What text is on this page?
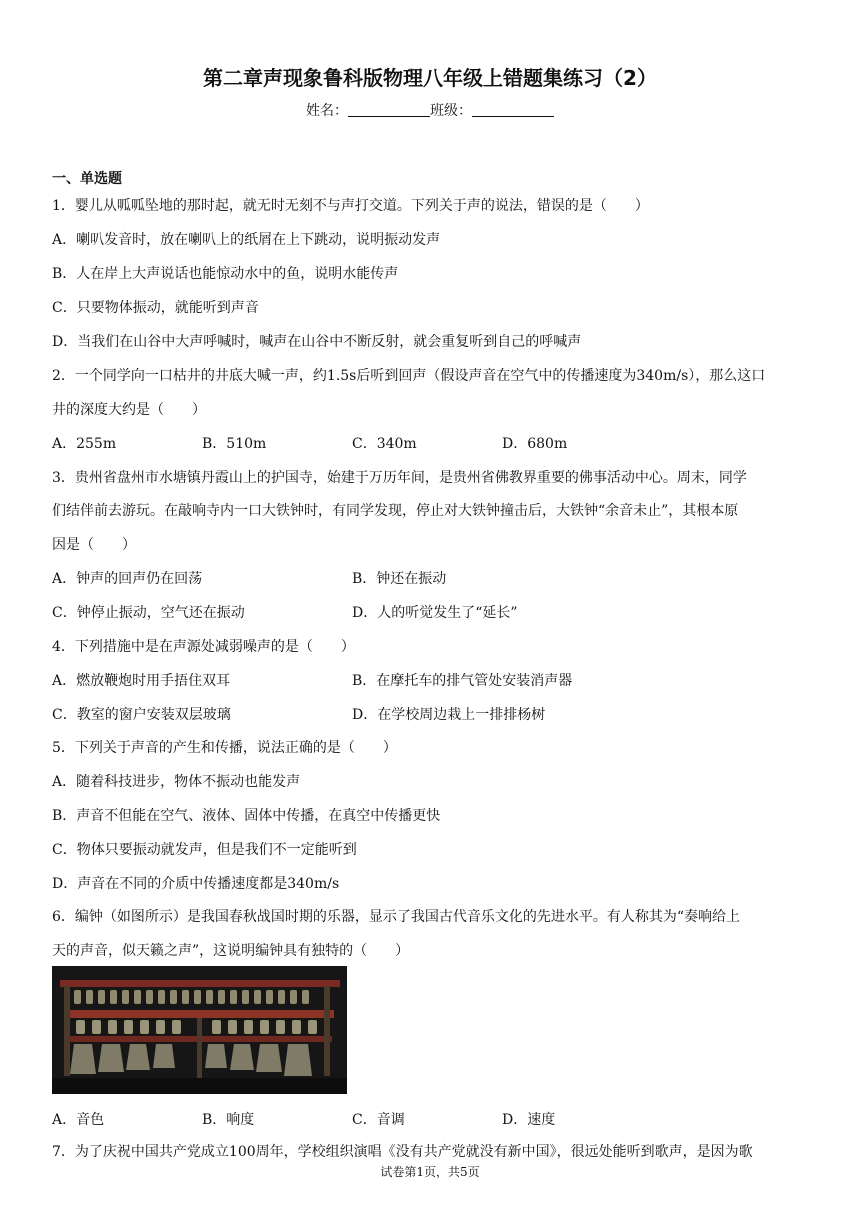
第二章声现象鲁科版物理八年级上错题集练习（2）
姓名：	班级：
一、单选题
1．婴儿从呱呱坠地的那时起，就无时无刻不与声打交道。下列关于声的说法，错误的是（　　）
A．喇叭发音时，放在喇叭上的纸屑在上下跳动，说明振动发声
B．人在岸上大声说话也能惊动水中的鱼，说明水能传声
C．只要物体振动，就能听到声音
D．当我们在山谷中大声呼喊时，喊声在山谷中不断反射，就会重复听到自己的呼喊声
2．一个同学向一口枯井的井底大喊一声，约1.5s后听到回声（假设声音在空气中的传播速度为340m/s），那么这口
井的深度大约是（　　）
A．255m	B．510m	C．340m	D．680m
3．贵州省盘州市水塘镇丹霞山上的护国寺，始建于万历年间，是贵州省佛教界重要的佛事活动中心。周末，同学
们结伴前去游玩。在敲响寺内一口大铁钟时，有同学发现，停止对大铁钟撞击后，大铁钟“余音未止”，其根本原
因是（　　）
A．钟声的回声仍在回荡	B．钟还在振动
C．钟停止振动，空气还在振动	D．人的听觉发生了“延长”
4．下列措施中是在声源处减弱噪声的是（　　）
A．燃放鞭炮时用手捂住双耳	B．在摩托车的排气管处安装消声器
C．教室的窗户安装双层玻璃	D．在学校周边栽上一排排杨树
5．下列关于声音的产生和传播，说法正确的是（　　）
A．随着科技进步，物体不振动也能发声
B．声音不但能在空气、液体、固体中传播，在真空中传播更快
C．物体只要振动就发声，但是我们不一定能听到
D．声音在不同的介质中传播速度都是340m/s
6．编钟（如图所示）是我国春秋战国时期的乐器，显示了我国古代音乐文化的先进水平。有人称其为“奏响给上
天的声音，似天籁之声”，这说明编钟具有独特的（　　）
A．音色	B．响度	C．音调	D．速度
7．为了庆祝中国共产党成立100周年，学校组织演唱《没有共产党就没有新中国》，很远处能听到歌声，是因为歌
试卷第1页，共5页
